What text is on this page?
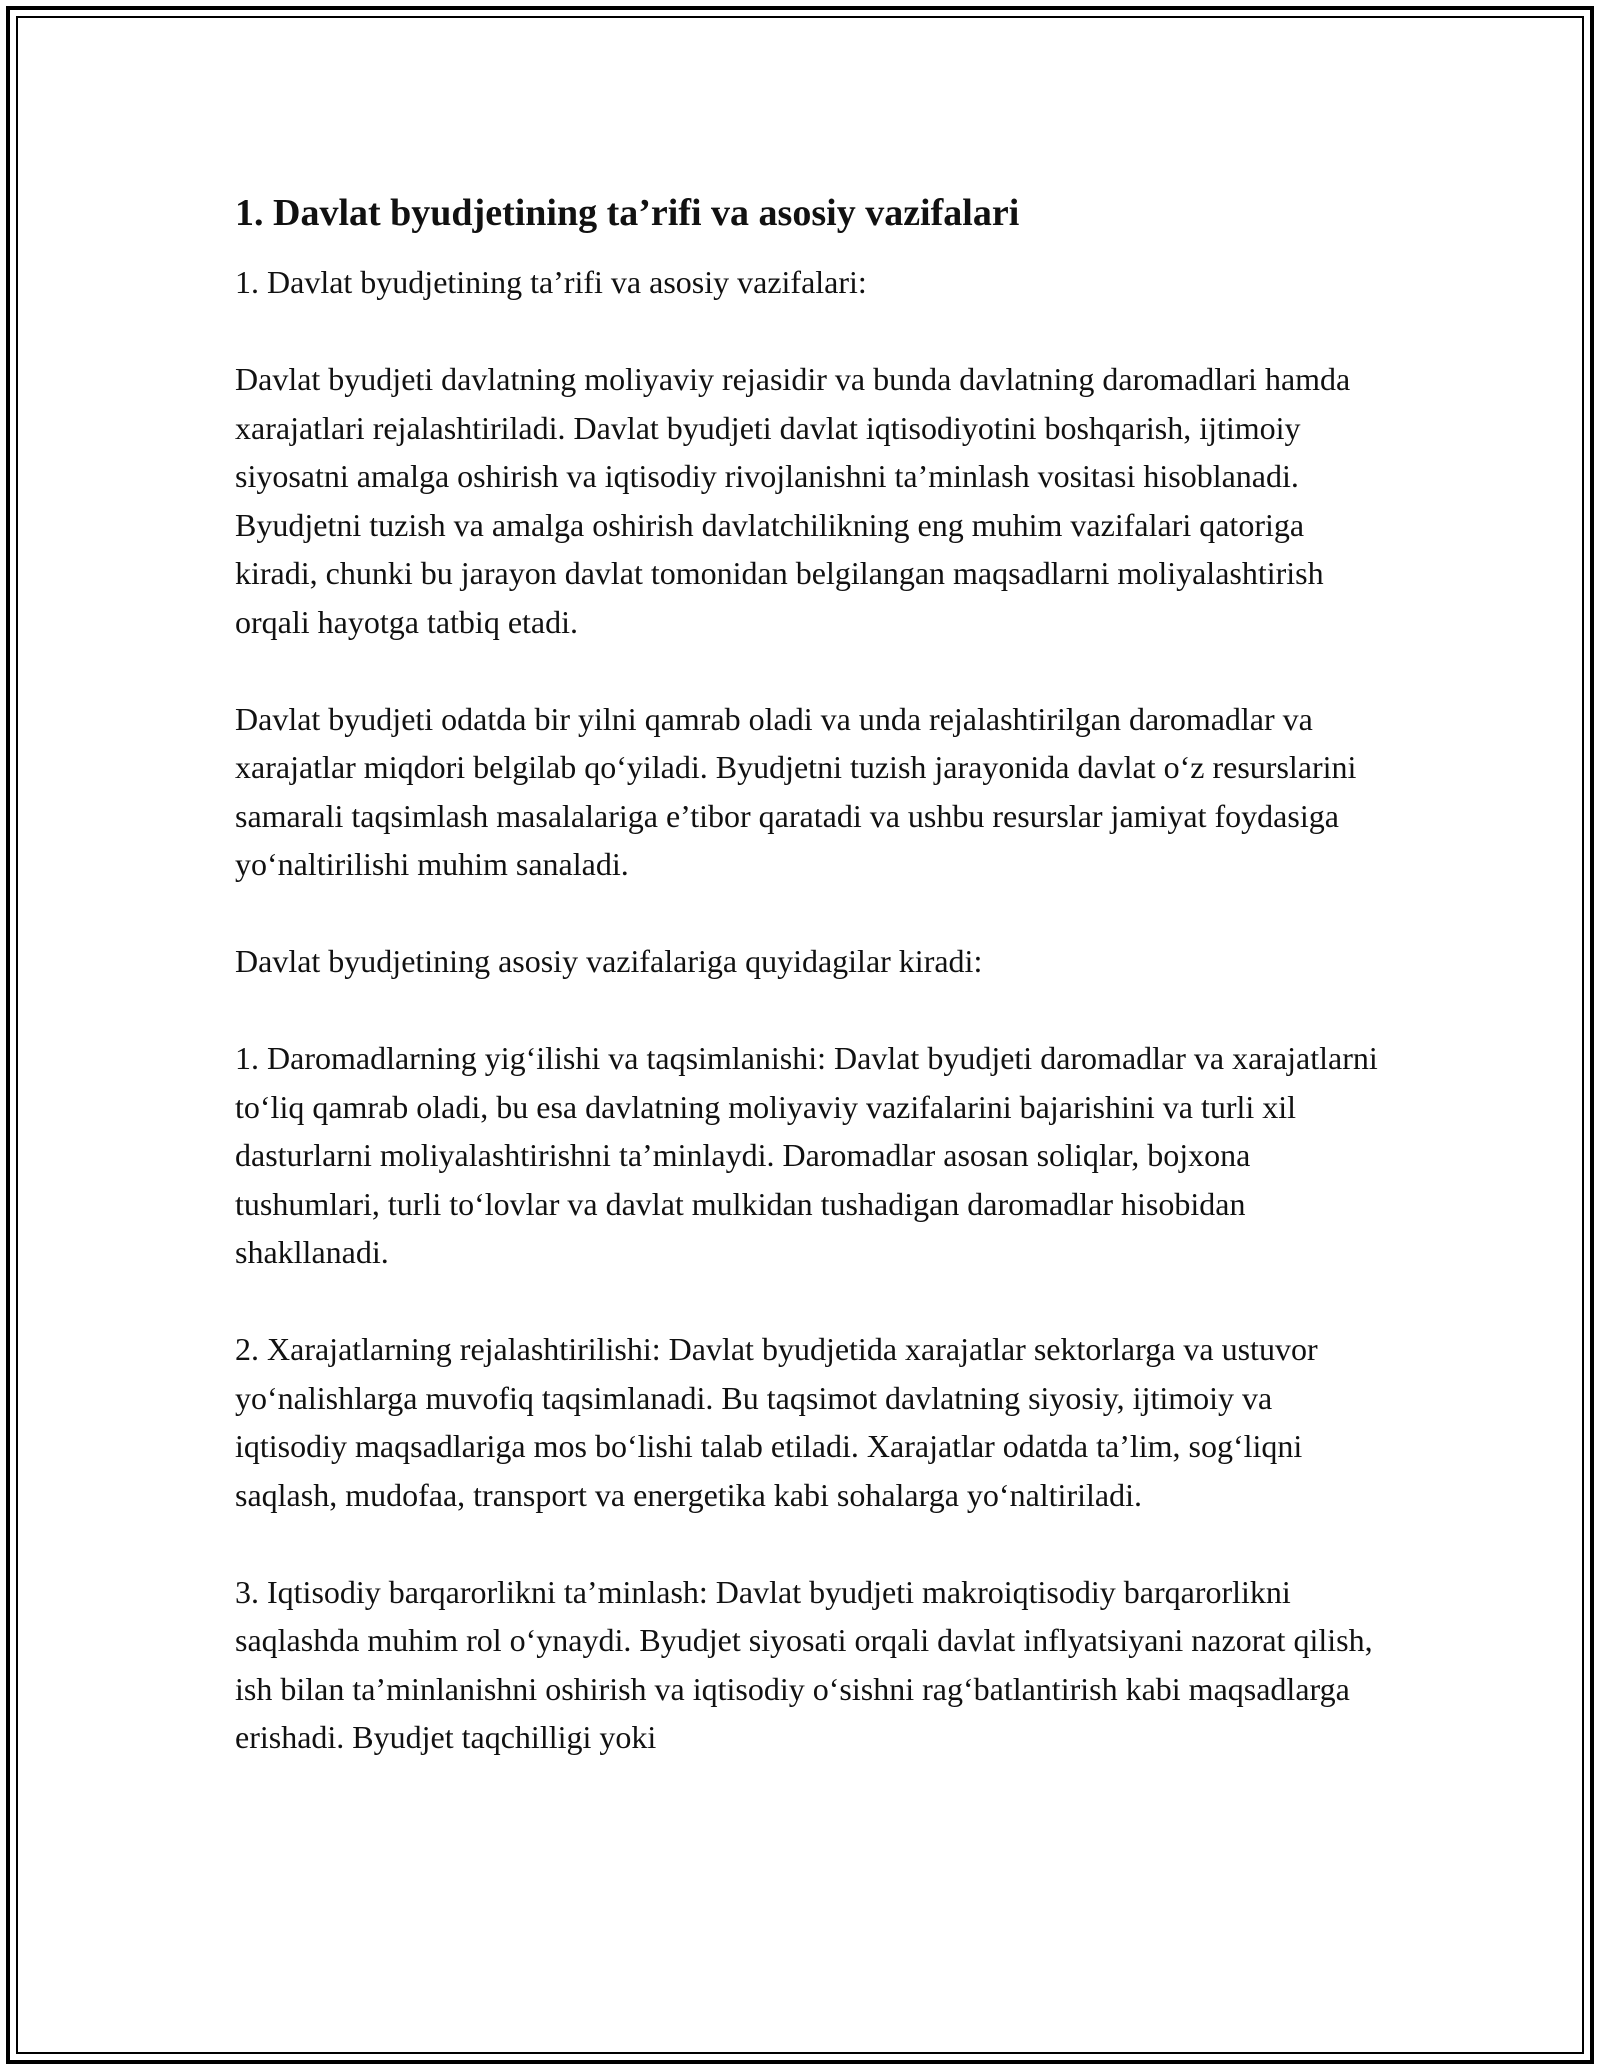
1. Davlat byudjetining ta’rifi va asosiy vazifalari

1. Davlat byudjetining ta’rifi va asosiy vazifalari:

Davlat byudjeti davlatning moliyaviy rejasidir va bunda davlatning daromadlari hamda xarajatlari rejalashtiriladi. Davlat byudjeti davlat iqtisodiyotini boshqarish, ijtimoiy siyosatni amalga oshirish va iqtisodiy rivojlanishni ta’minlash vositasi hisoblanadi. Byudjetni tuzish va amalga oshirish davlatchilikning eng muhim vazifalari qatoriga kiradi, chunki bu jarayon davlat tomonidan belgilangan maqsadlarni moliyalashtirish orqali hayotga tatbiq etadi.

Davlat byudjeti odatda bir yilni qamrab oladi va unda rejalashtirilgan daromadlar va xarajatlar miqdori belgilab qo‘yiladi. Byudjetni tuzish jarayonida davlat o‘z resurslarini samarali taqsimlash masalalariga e’tibor qaratadi va ushbu resurslar jamiyat foydasiga yo‘naltirilishi muhim sanaladi.

Davlat byudjetining asosiy vazifalariga quyidagilar kiradi:

1. Daromadlarning yig‘ilishi va taqsimlanishi: Davlat byudjeti daromadlar va xarajatlarni to‘liq qamrab oladi, bu esa davlatning moliyaviy vazifalarini bajarishini va turli xil dasturlarni moliyalashtirishni ta’minlaydi. Daromadlar asosan soliqlar, bojxona tushumlari, turli to‘lovlar va davlat mulkidan tushadigan daromadlar hisobidan shakllanadi.

2. Xarajatlarning rejalashtirilishi: Davlat byudjetida xarajatlar sektorlarga va ustuvor yo‘nalishlarga muvofiq taqsimlanadi. Bu taqsimot davlatning siyosiy, ijtimoiy va iqtisodiy maqsadlariga mos bo‘lishi talab etiladi. Xarajatlar odatda ta’lim, sog‘liqni saqlash, mudofaa, transport va energetika kabi sohalarga yo‘naltiriladi.

3. Iqtisodiy barqarorlikni ta’minlash: Davlat byudjeti makroiqtisodiy barqarorlikni saqlashda muhim rol o‘ynaydi. Byudjet siyosati orqali davlat inflyatsiyani nazorat qilish, ish bilan ta’minlanishni oshirish va iqtisodiy o‘sishni rag‘batlantirish kabi maqsadlarga erishadi. Byudjet taqchilligi yoki
